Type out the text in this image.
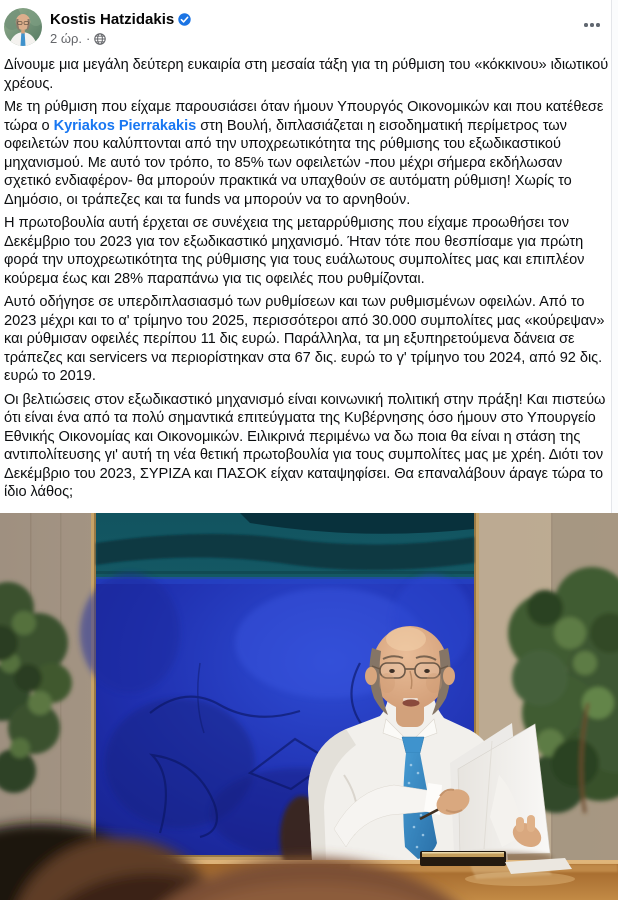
Kostis Hatzidakis
2 ώρ. ·

Δίνουμε μια μεγάλη δεύτερη ευκαιρία στη μεσαία τάξη για τη ρύθμιση του «κόκκινου» ιδιωτικού χρέους.

Με τη ρύθμιση που είχαμε παρουσιάσει όταν ήμουν Υπουργός Οικονομικών και που κατέθεσε τώρα ο Kyriakos Pierrakakis στη Βουλή, διπλασιάζεται η εισοδηματική περίμετρος των οφειλετών που καλύπτονται από την υποχρεωτικότητα της ρύθμισης του εξωδικαστικού μηχανισμού. Με αυτό τον τρόπο, το 85% των οφειλετών -που μέχρι σήμερα εκδήλωσαν σχετικό ενδιαφέρον- θα μπορούν πρακτικά να υπαχθούν σε αυτόματη ρύθμιση! Χωρίς το Δημόσιο, οι τράπεζες και τα funds να μπορούν να το αρνηθούν.

Η πρωτοβουλία αυτή έρχεται σε συνέχεια της μεταρρύθμισης που είχαμε προωθήσει τον Δεκέμβριο του 2023 για τον εξωδικαστικό μηχανισμό. Ήταν τότε που θεσπίσαμε για πρώτη φορά την υποχρεωτικότητα της ρύθμισης για τους ευάλωτους συμπολίτες μας και επιπλέον κούρεμα έως και 28% παραπάνω για τις οφειλές που ρυθμίζονται.

Αυτό οδήγησε σε υπερδιπλασιασμό των ρυθμίσεων και των ρυθμισμένων οφειλών. Από το 2023 μέχρι και το α' τρίμηνο του 2025, περισσότεροι από 30.000 συμπολίτες μας «κούρεψαν» και ρύθμισαν οφειλές περίπου 11 δις ευρώ. Παράλληλα, τα μη εξυπηρετούμενα δάνεια σε τράπεζες και servicers να περιορίστηκαν στα 67 δις. ευρώ το γ' τρίμηνο του 2024, από 92 δις. ευρώ το 2019.

Οι βελτιώσεις στον εξωδικαστικό μηχανισμό είναι κοινωνική πολιτική στην πράξη! Και πιστεύω ότι είναι ένα από τα πολύ σημαντικά επιτεύγματα της Κυβέρνησης όσο ήμουν στο Υπουργείο Εθνικής Οικονομίας και Οικονομικών. Ειλικρινά περιμένω να δω ποια θα είναι η στάση της αντιπολίτευσης γι' αυτή τη νέα θετική πρωτοβουλία για τους συμπολίτες μας με χρέη. Διότι τον Δεκέμβριο του 2023, ΣΥΡΙΖΑ και ΠΑΣΟΚ είχαν καταψηφίσει. Θα επαναλάβουν άραγε τώρα το ίδιο λάθος;
